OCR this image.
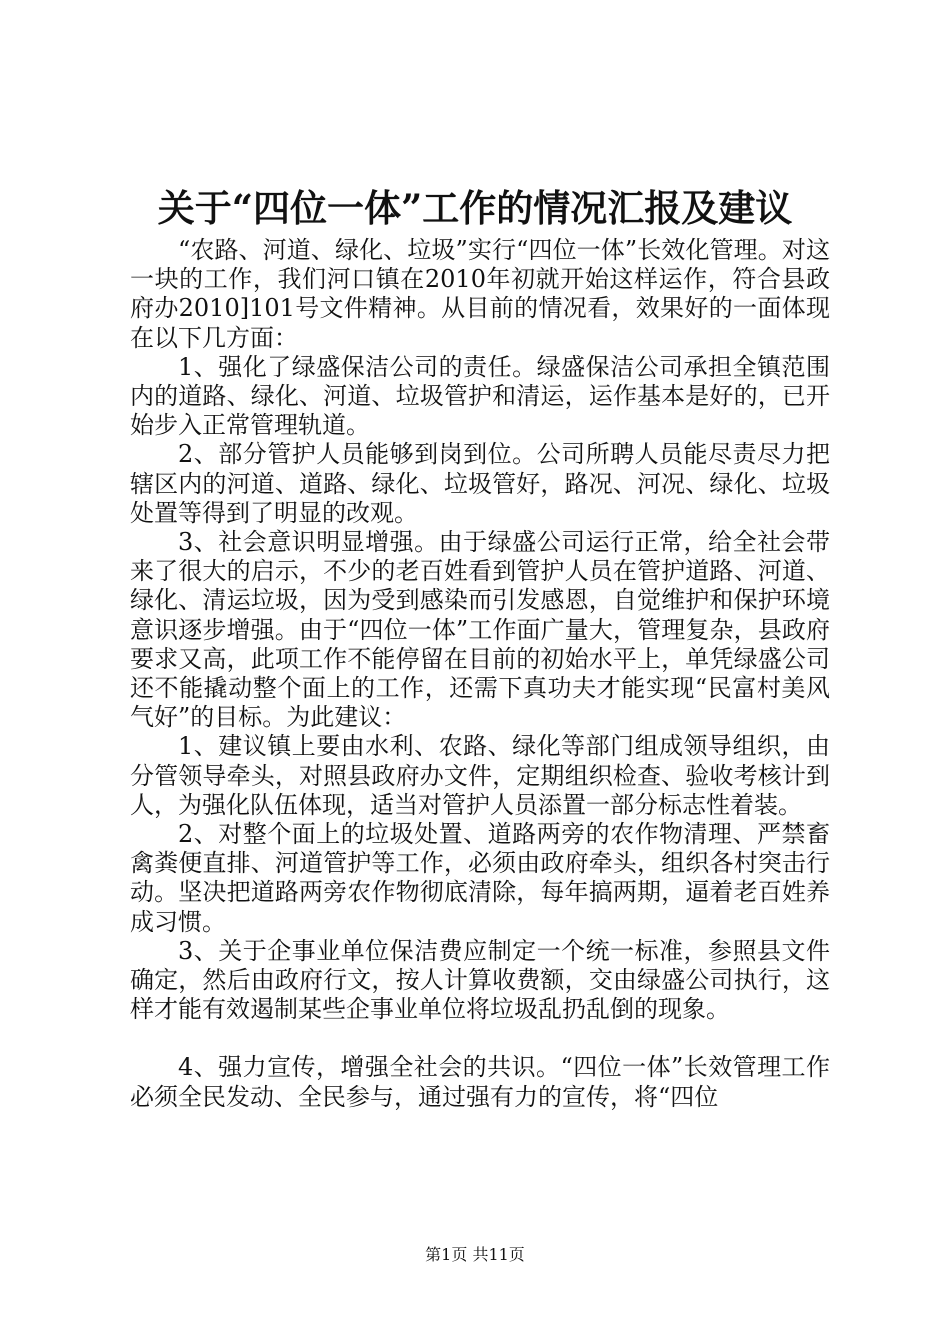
关于“四位一体”工作的情况汇报及建议

“农路、河道、绿化、垃圾”实行“四位一体”长效化管理。对这一块的工作，我们河口镇在2010年初就开始这样运作，符合县政府办2010]101号文件精神。从目前的情况看，效果好的一面体现在以下几方面：

1、强化了绿盛保洁公司的责任。绿盛保洁公司承担全镇范围内的道路、绿化、河道、垃圾管护和清运，运作基本是好的，已开始步入正常管理轨道。

2、部分管护人员能够到岗到位。公司所聘人员能尽责尽力把辖区内的河道、道路、绿化、垃圾管好，路况、河况、绿化、垃圾处置等得到了明显的改观。

3、社会意识明显增强。由于绿盛公司运行正常，给全社会带来了很大的启示，不少的老百姓看到管护人员在管护道路、河道、绿化、清运垃圾，因为受到感染而引发感恩，自觉维护和保护环境意识逐步增强。由于“四位一体”工作面广量大，管理复杂，县政府要求又高，此项工作不能停留在目前的初始水平上，单凭绿盛公司还不能撬动整个面上的工作，还需下真功夫才能实现“民富村美风气好”的目标。为此建议：

1、建议镇上要由水利、农路、绿化等部门组成领导组织，由分管领导牵头，对照县政府办文件，定期组织检查、验收考核计到人，为强化队伍体现，适当对管护人员添置一部分标志性着装。

2、对整个面上的垃圾处置、道路两旁的农作物清理、严禁畜禽粪便直排、河道管护等工作，必须由政府牵头，组织各村突击行动。坚决把道路两旁农作物彻底清除，每年搞两期，逼着老百姓养成习惯。

3、关于企事业单位保洁费应制定一个统一标准，参照县文件确定，然后由政府行文，按人计算收费额，交由绿盛公司执行，这样才能有效遏制某些企事业单位将垃圾乱扔乱倒的现象。

4、强力宣传，增强全社会的共识。“四位一体”长效管理工作必须全民发动、全民参与，通过强有力的宣传，将“四位

第1页 共11页
